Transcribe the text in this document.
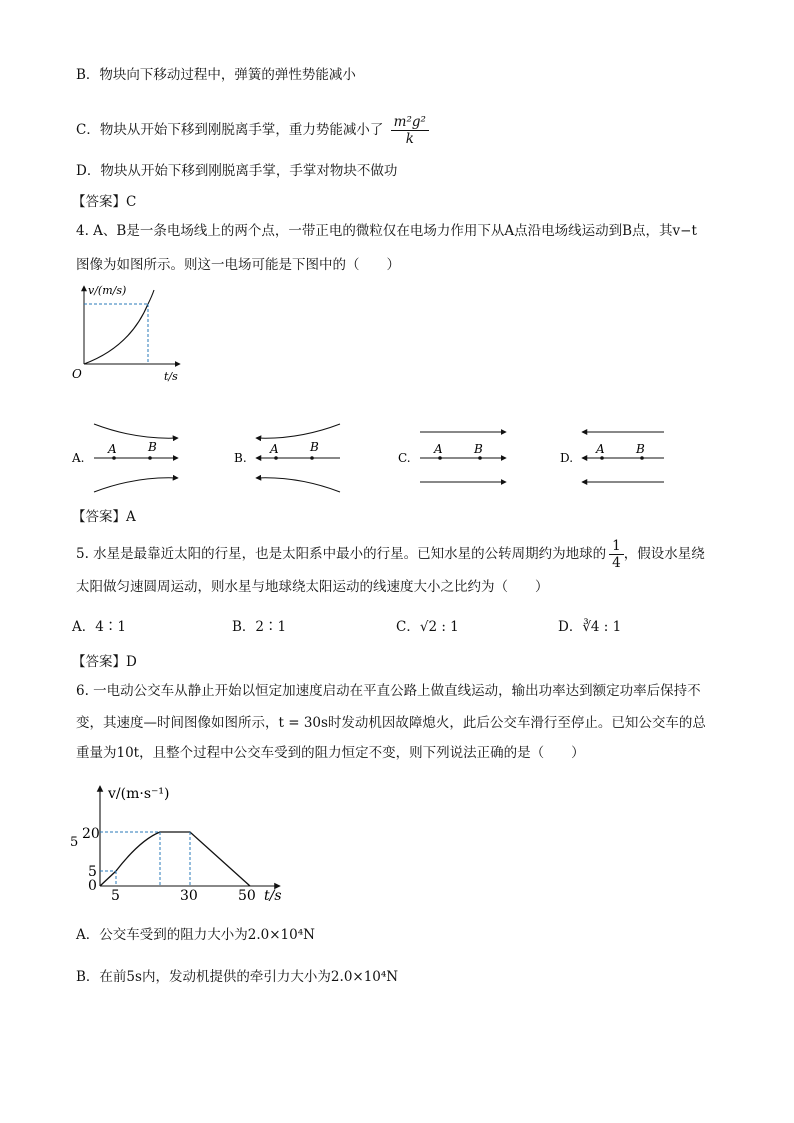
B．物块向下移动过程中，弹簧的弹性势能减小
C．物块从开始下移到刚脱离手掌，重力势能减小了 $\frac{\text{m²g²}}{k}$
D．物块从开始下移到刚脱离手掌，手掌对物块不做功
【答案】C
4. A、B是一条电场线上的两个点，一带正电的微粒仅在电场力作用下从A点沿电场线运动到B点，其v−t
图像为如图所示。则这一电场可能是下图中的（　　）
v/(m/s)
O	t/s
A.
A	B
B.
A	B
C.
A	B
D.
A	B
【答案】A
5. 水星是最靠近太阳的行星，也是太阳系中最小的行星。已知水星的公转周期约为地球的 $\frac{1}{4}$ ，假设水星绕
太阳做匀速圆周运动，则水星与地球绕太阳运动的线速度大小之比约为（　　）
A．4∶1	B．2∶1	C．√2 : 1	D．∛4 : 1
【答案】D
6. 一电动公交车从静止开始以恒定加速度启动在平直公路上做直线运动，输出功率达到额定功率后保持不
变，其速度—时间图像如图所示，t = 30s时发动机因故障熄火，此后公交车滑行至停止。已知公交车的总
重量为10t，且整个过程中公交车受到的阻力恒定不变，则下列说法正确的是（　　）
v/(m·s⁻¹)
20
5
5
0
5	30	50 t/s
A．公交车受到的阻力大小为2.0×10⁴N
B．在前5s内，发动机提供的牵引力大小为2.0×10⁴N
